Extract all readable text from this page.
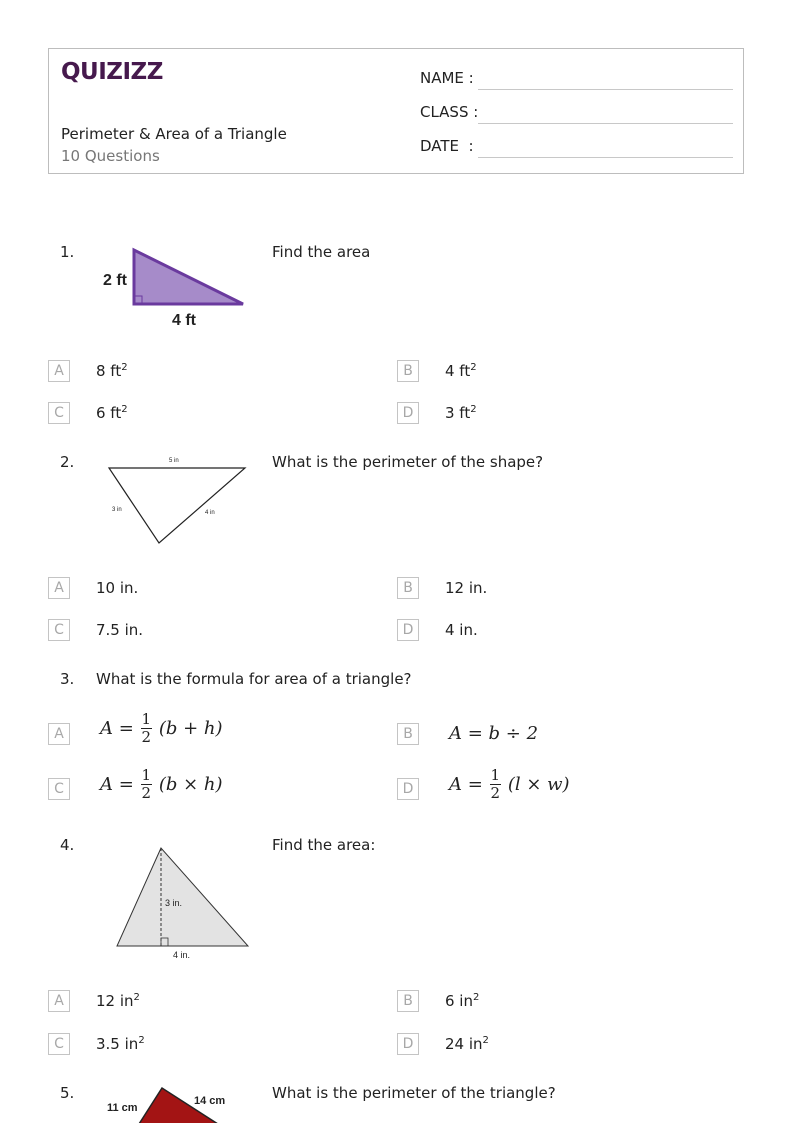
QUIZIZZ
Perimeter & Area of a Triangle
10 Questions
NAME :
CLASS :
DATE  :
1.
2 ft
4 ft
Find the area
A	8 $ft^2$	B	4 $ft^2$
C	6 $ft^2$	D	3 $ft^2$
2.	5 in
3 in	4 in
What is the perimeter of the shape?
A	10 in.	B	12 in.
C	7.5 in.	D	4 in.
3. What is the formula for area of a triangle?
A	$A = \frac{1}{2} (b + h)$	B	A = b ÷ 2
C	$A = \frac{1}{2} (b \times h)$	D	$A = \frac{1}{2} (l \times w)$
4.
3 in.
4 in.
Find the area:
A	12 $in^2$	B	6 $in^2$
C	3.5 $in^2$	D	24 $in^2$
5.
11 cm
14 cm	What is the perimeter of the triangle?
